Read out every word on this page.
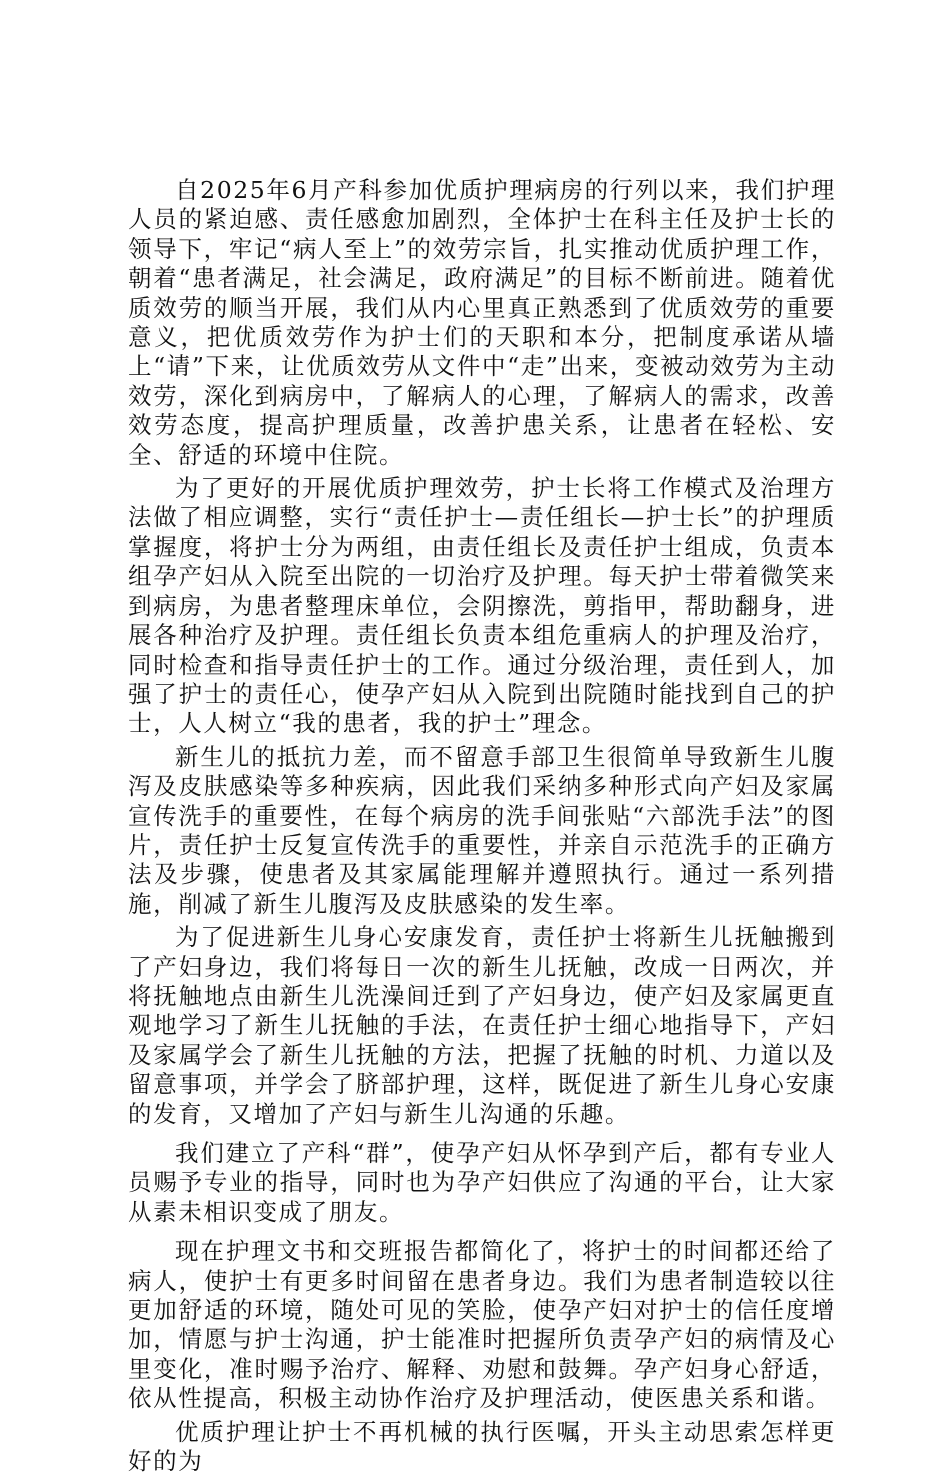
自2025年6月产科参加优质护理病房的行列以来，我们护理人员的紧迫感、责任感愈加剧烈，全体护士在科主任及护士长的领导下，牢记“病人至上”的效劳宗旨，扎实推动优质护理工作，朝着“患者满足，社会满足，政府满足”的目标不断前进。随着优质效劳的顺当开展，我们从内心里真正熟悉到了优质效劳的重要意义，把优质效劳作为护士们的天职和本分，把制度承诺从墙上“请”下来，让优质效劳从文件中“走”出来，变被动效劳为主动效劳，深化到病房中，了解病人的心理，了解病人的需求，改善效劳态度，提高护理质量，改善护患关系，让患者在轻松、安全、舒适的环境中住院。

为了更好的开展优质护理效劳，护士长将工作模式及治理方法做了相应调整，实行“责任护士—责任组长—护士长”的护理质掌握度，将护士分为两组，由责任组长及责任护士组成，负责本组孕产妇从入院至出院的一切治疗及护理。每天护士带着微笑来到病房，为患者整理床单位，会阴擦洗，剪指甲，帮助翻身，进展各种治疗及护理。责任组长负责本组危重病人的护理及治疗，同时检查和指导责任护士的工作。通过分级治理，责任到人，加强了护士的责任心，使孕产妇从入院到出院随时能找到自己的护士，人人树立“我的患者，我的护士”理念。

新生儿的抵抗力差，而不留意手部卫生很简单导致新生儿腹泻及皮肤感染等多种疾病，因此我们采纳多种形式向产妇及家属宣传洗手的重要性，在每个病房的洗手间张贴“六部洗手法”的图片，责任护士反复宣传洗手的重要性，并亲自示范洗手的正确方法及步骤，使患者及其家属能理解并遵照执行。通过一系列措施，削减了新生儿腹泻及皮肤感染的发生率。

为了促进新生儿身心安康发育，责任护士将新生儿抚触搬到了产妇身边，我们将每日一次的新生儿抚触，改成一日两次，并将抚触地点由新生儿洗澡间迁到了产妇身边，使产妇及家属更直观地学习了新生儿抚触的手法，在责任护士细心地指导下，产妇及家属学会了新生儿抚触的方法，把握了抚触的时机、力道以及留意事项，并学会了脐部护理，这样，既促进了新生儿身心安康的发育，又增加了产妇与新生儿沟通的乐趣。

我们建立了产科“群”，使孕产妇从怀孕到产后，都有专业人员赐予专业的指导，同时也为孕产妇供应了沟通的平台，让大家从素未相识变成了朋友。

现在护理文书和交班报告都简化了，将护士的时间都还给了病人，使护士有更多时间留在患者身边。我们为患者制造较以往更加舒适的环境，随处可见的笑脸，使孕产妇对护士的信任度增加，情愿与护士沟通，护士能准时把握所负责孕产妇的病情及心里变化，准时赐予治疗、解释、劝慰和鼓舞。孕产妇身心舒适，依从性提高，积极主动协作治疗及护理活动，使医患关系和谐。

优质护理让护士不再机械的执行医嘱，开头主动思索怎样更好的为
